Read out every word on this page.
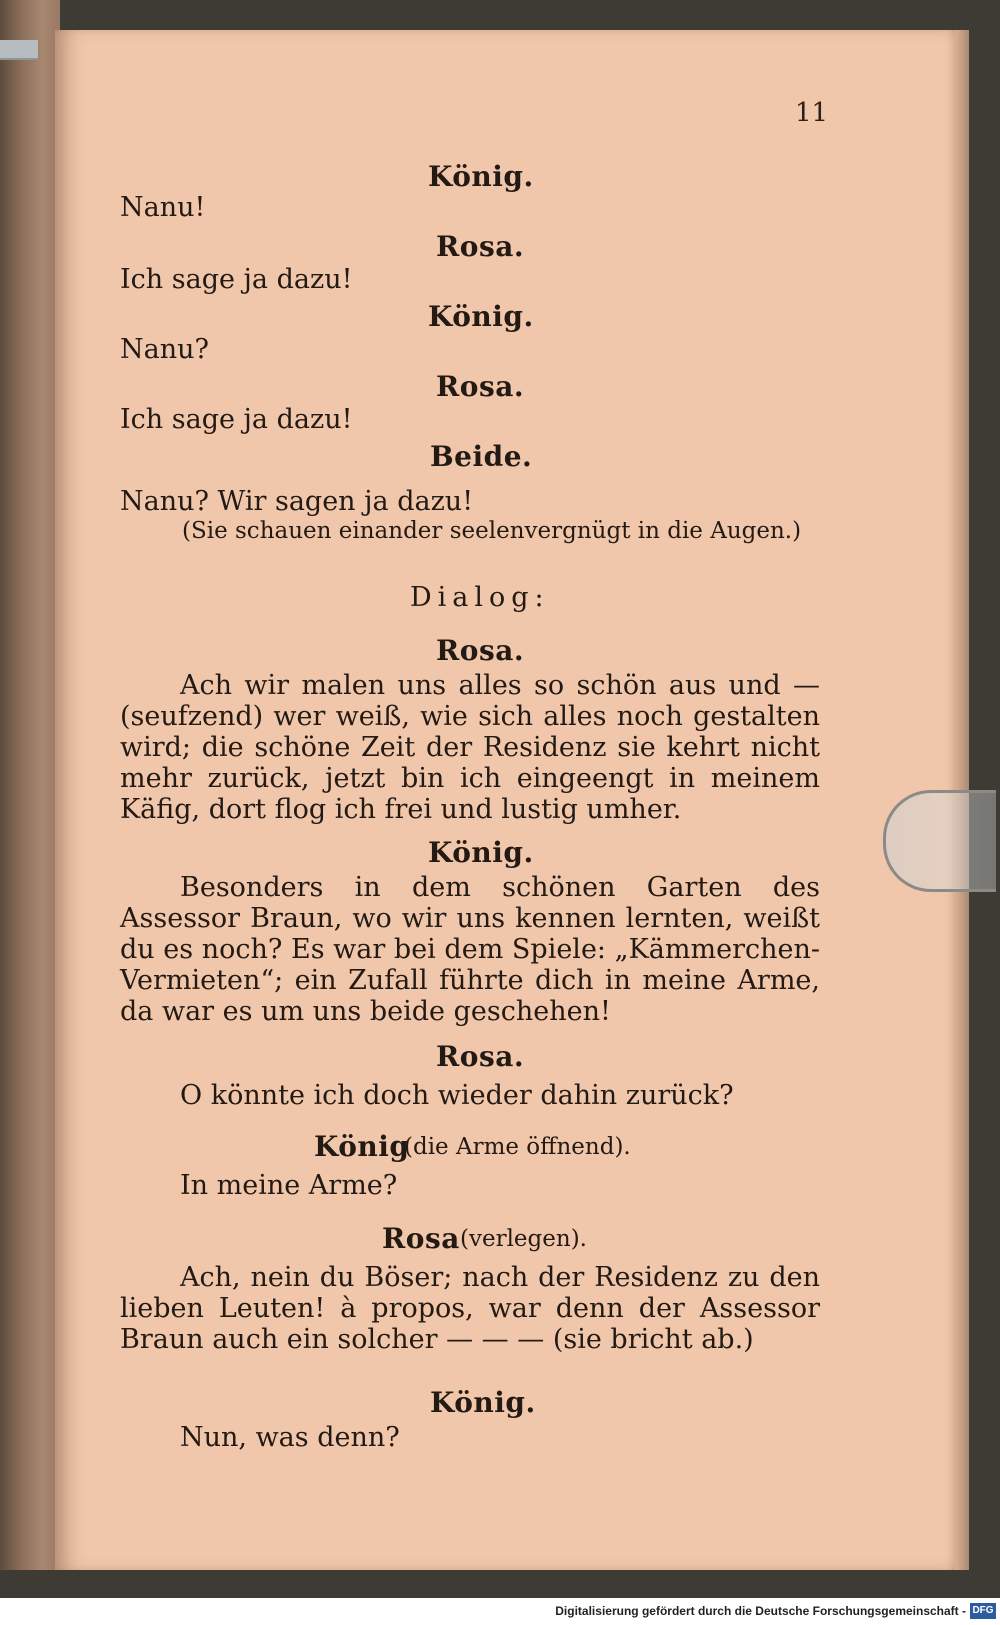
11
König.
Nanu!
Rosa.
Ich sage ja dazu!
König.
Nanu?
Rosa.
Ich sage ja dazu!
Beide.
Nanu? Wir sagen ja dazu!
(Sie schauen einander seelenvergnügt in die Augen.)
Dialog:
Rosa.
Ach wir malen uns alles so schön aus und — (seufzend) wer weiß, wie sich alles noch gestalten wird; die schöne Zeit der Residenz sie kehrt nicht mehr zurück, jetzt bin ich eingeengt in meinem Käfig, dort flog ich frei und lustig umher.
König.
Besonders in dem schönen Garten des Assessor Braun, wo wir uns kennen lernten, weißt du es noch? Es war bei dem Spiele: „Kämmerchen-Vermieten“; ein Zufall führte dich in meine Arme, da war es um uns beide geschehen!
Rosa.
O könnte ich doch wieder dahin zurück?
König
(die Arme öffnend).
In meine Arme?
Rosa (verlegen).
Ach, nein du Böser; nach der Residenz zu den lieben Leuten! à propos, war denn der Assessor Braun auch ein solcher — — — (sie bricht ab.)
König.
Nun, was denn?
Digitalisierung gefördert durch die Deutsche Forschungsgemeinschaft - DFG
